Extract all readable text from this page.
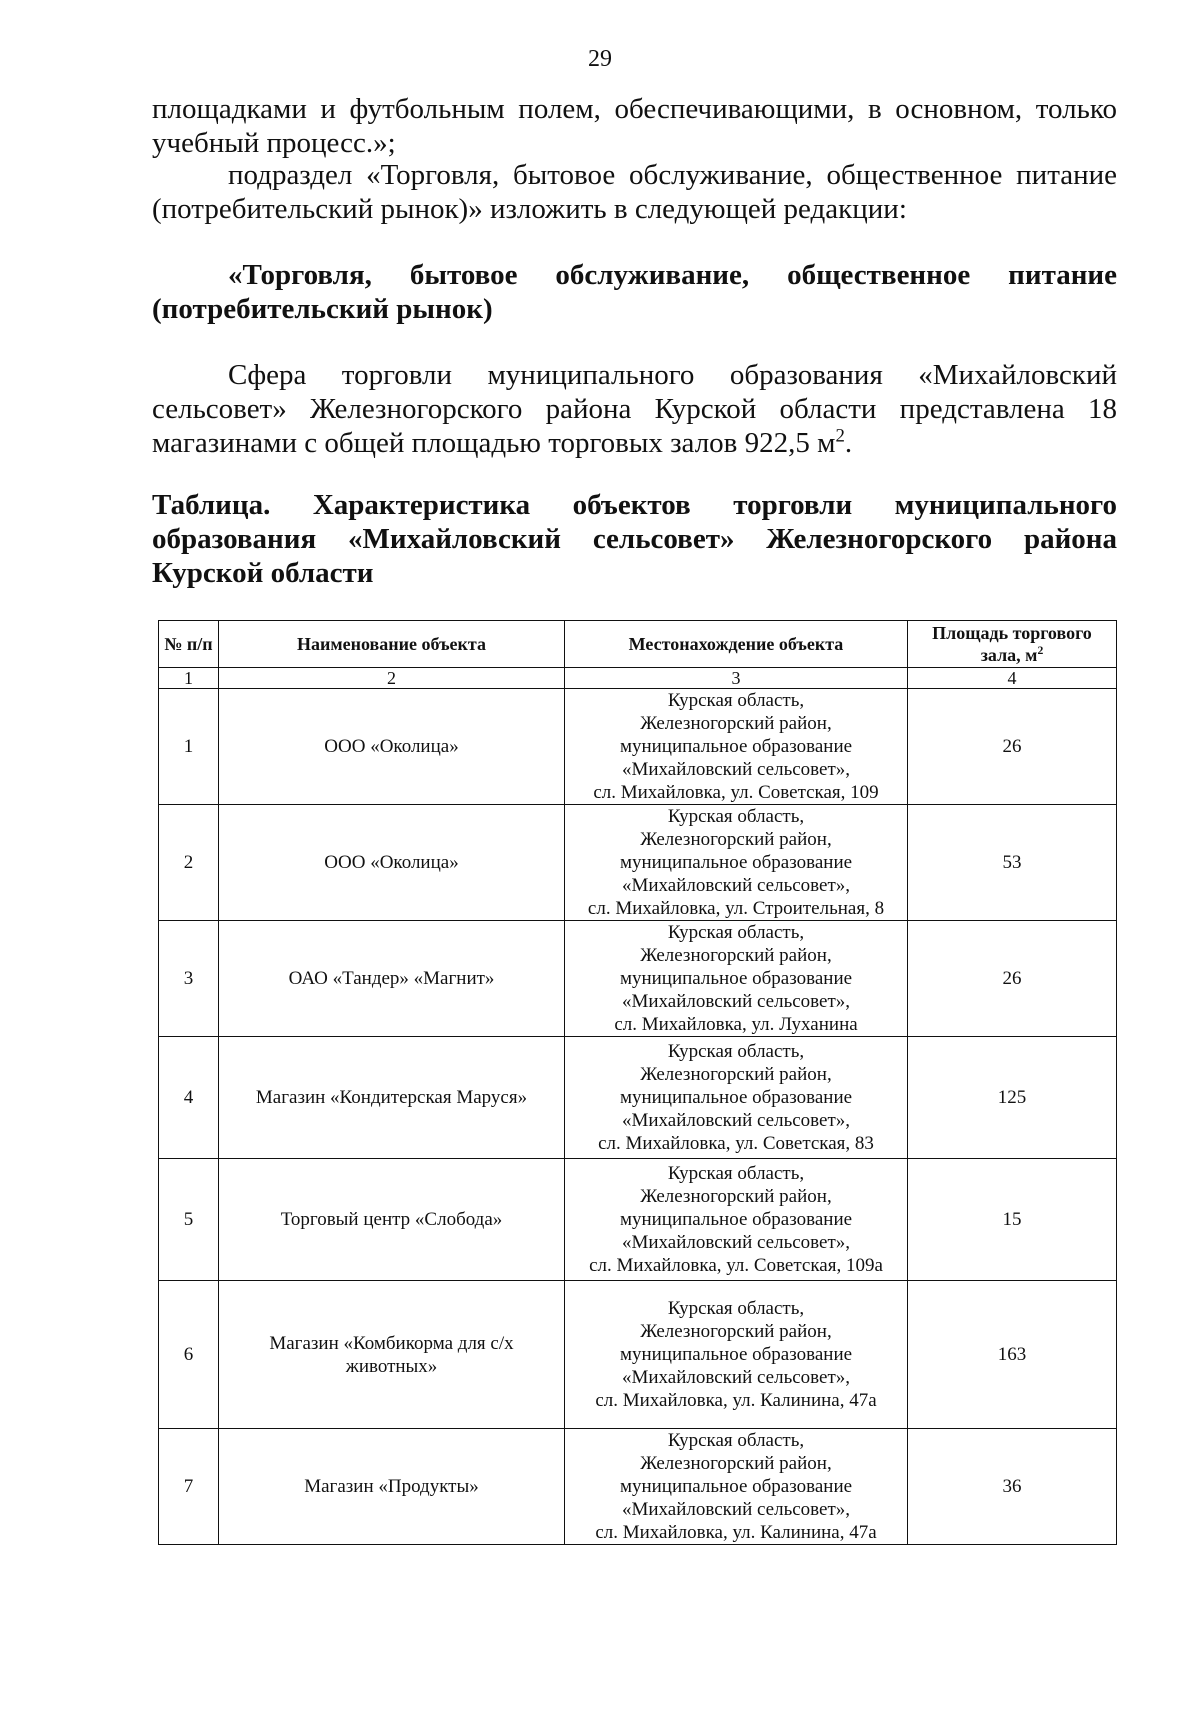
29
площадками и футбольным полем, обеспечивающими, в основном, только учебный процесс.»;
подраздел «Торговля, бытовое обслуживание, общественное питание (потребительский рынок)» изложить в следующей редакции:
«Торговля, бытовое обслуживание, общественное питание (потребительский рынок)
Сфера торговли муниципального образования «Михайловский сельсовет» Железногорского района Курской области представлена 18 магазинами с общей площадью торговых залов 922,5 $м^2$.
Таблица. Характеристика объектов торговли муниципального образования «Михайловский сельсовет» Железногорского района Курской области
№ п/п	Наименование объекта	Местонахождение объекта	Площадь торгового зала, $м^2$
1	2	3	4
1	ООО «Околица»	Курская область,
Железногорский район,
муниципальное образование
«Михайловский сельсовет»,
сл. Михайловка, ул. Советская, 109	26
2	ООО «Околица»	Курская область,
Железногорский район,
муниципальное образование
«Михайловский сельсовет»,
сл. Михайловка, ул. Строительная, 8	53
3	ОАО «Тандер» «Магнит»	Курская область,
Железногорский район,
муниципальное образование
«Михайловский сельсовет»,
сл. Михайловка, ул. Луханина	26
4	Магазин «Кондитерская Маруся»	Курская область,
Железногорский район,
муниципальное образование
«Михайловский сельсовет»,
сл. Михайловка, ул. Советская, 83	125
5	Торговый центр «Слобода»	Курская область,
Железногорский район,
муниципальное образование
«Михайловский сельсовет»,
сл. Михайловка, ул. Советская, 109а	15
6	Магазин «Комбикорма для с/х животных»	Курская область,
Железногорский район,
муниципальное образование
«Михайловский сельсовет»,
сл. Михайловка, ул. Калинина, 47а	163
7	Магазин «Продукты»	Курская область,
Железногорский район,
муниципальное образование
«Михайловский сельсовет»,
сл. Михайловка, ул. Калинина, 47а	36
